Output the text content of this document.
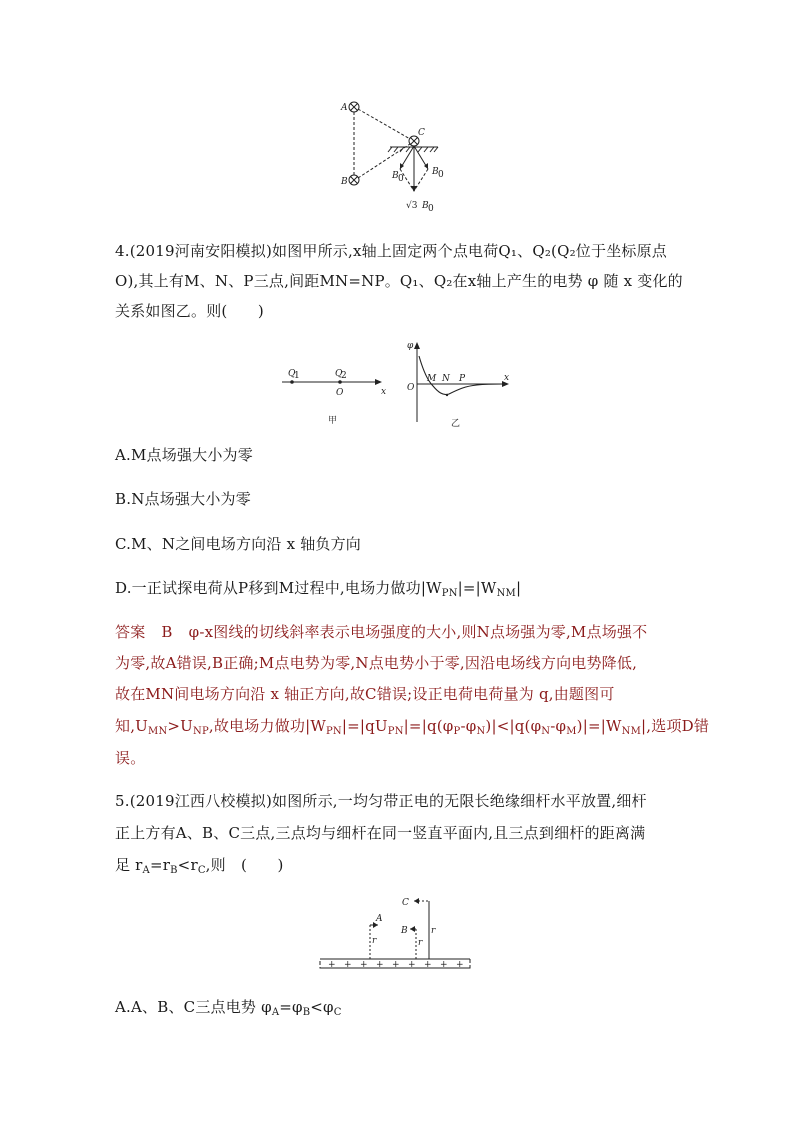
A
B
C
B 0
B 0
√3 B 0
4.(2019河南安阳模拟)如图甲所示,x轴上固定两个点电荷Q₁、Q₂(Q₂位于坐标原点
O),其上有M、N、P三点,间距MN=NP。Q₁、Q₂在x轴上产生的电势 φ 随 x 变化的
关系如图乙。则(　　)
Q
1	Q
2
O	x
甲
φ
O
M N P	x
乙
A.M点场强大小为零
B.N点场强大小为零
C.M、N之间电场方向沿 x 轴负方向
D.一正试探电荷从P移到M过程中,电场力做功$|W_{PN}|=|W_{NM}|$
答案 B φ-x图线的切线斜率表示电场强度的大小,则N点场强为零,M点场强不
为零,故A错误,B正确;M点电势为零,N点电势小于零,因沿电场线方向电势降低,
故在MN间电场方向沿 x 轴正方向,故C错误;设正电荷电荷量为 q,由题图可
知$,U_{MN}>U_{NP}$,故电场力做功$|W_{PN}|=|qU_{PN}|=|q(\varphi_P-\varphi_N)|<|q(\varphi_N-\varphi_M)|=|W_{NM}|$,选项D错
误。
5.(2019江西八校模拟)如图所示,一均匀带正电的无限长绝缘细杆水平放置,细杆
正上方有A、B、C三点,三点均与细杆在同一竖直平面内,且三点到细杆的距离满
足 $r_A=r_B<r_C$,则　(　　)
A
B
C
r	r
r
+ + + + + + + + +
A.A、B、C三点电势 $\varphi_A=\varphi_B<\varphi_C$
